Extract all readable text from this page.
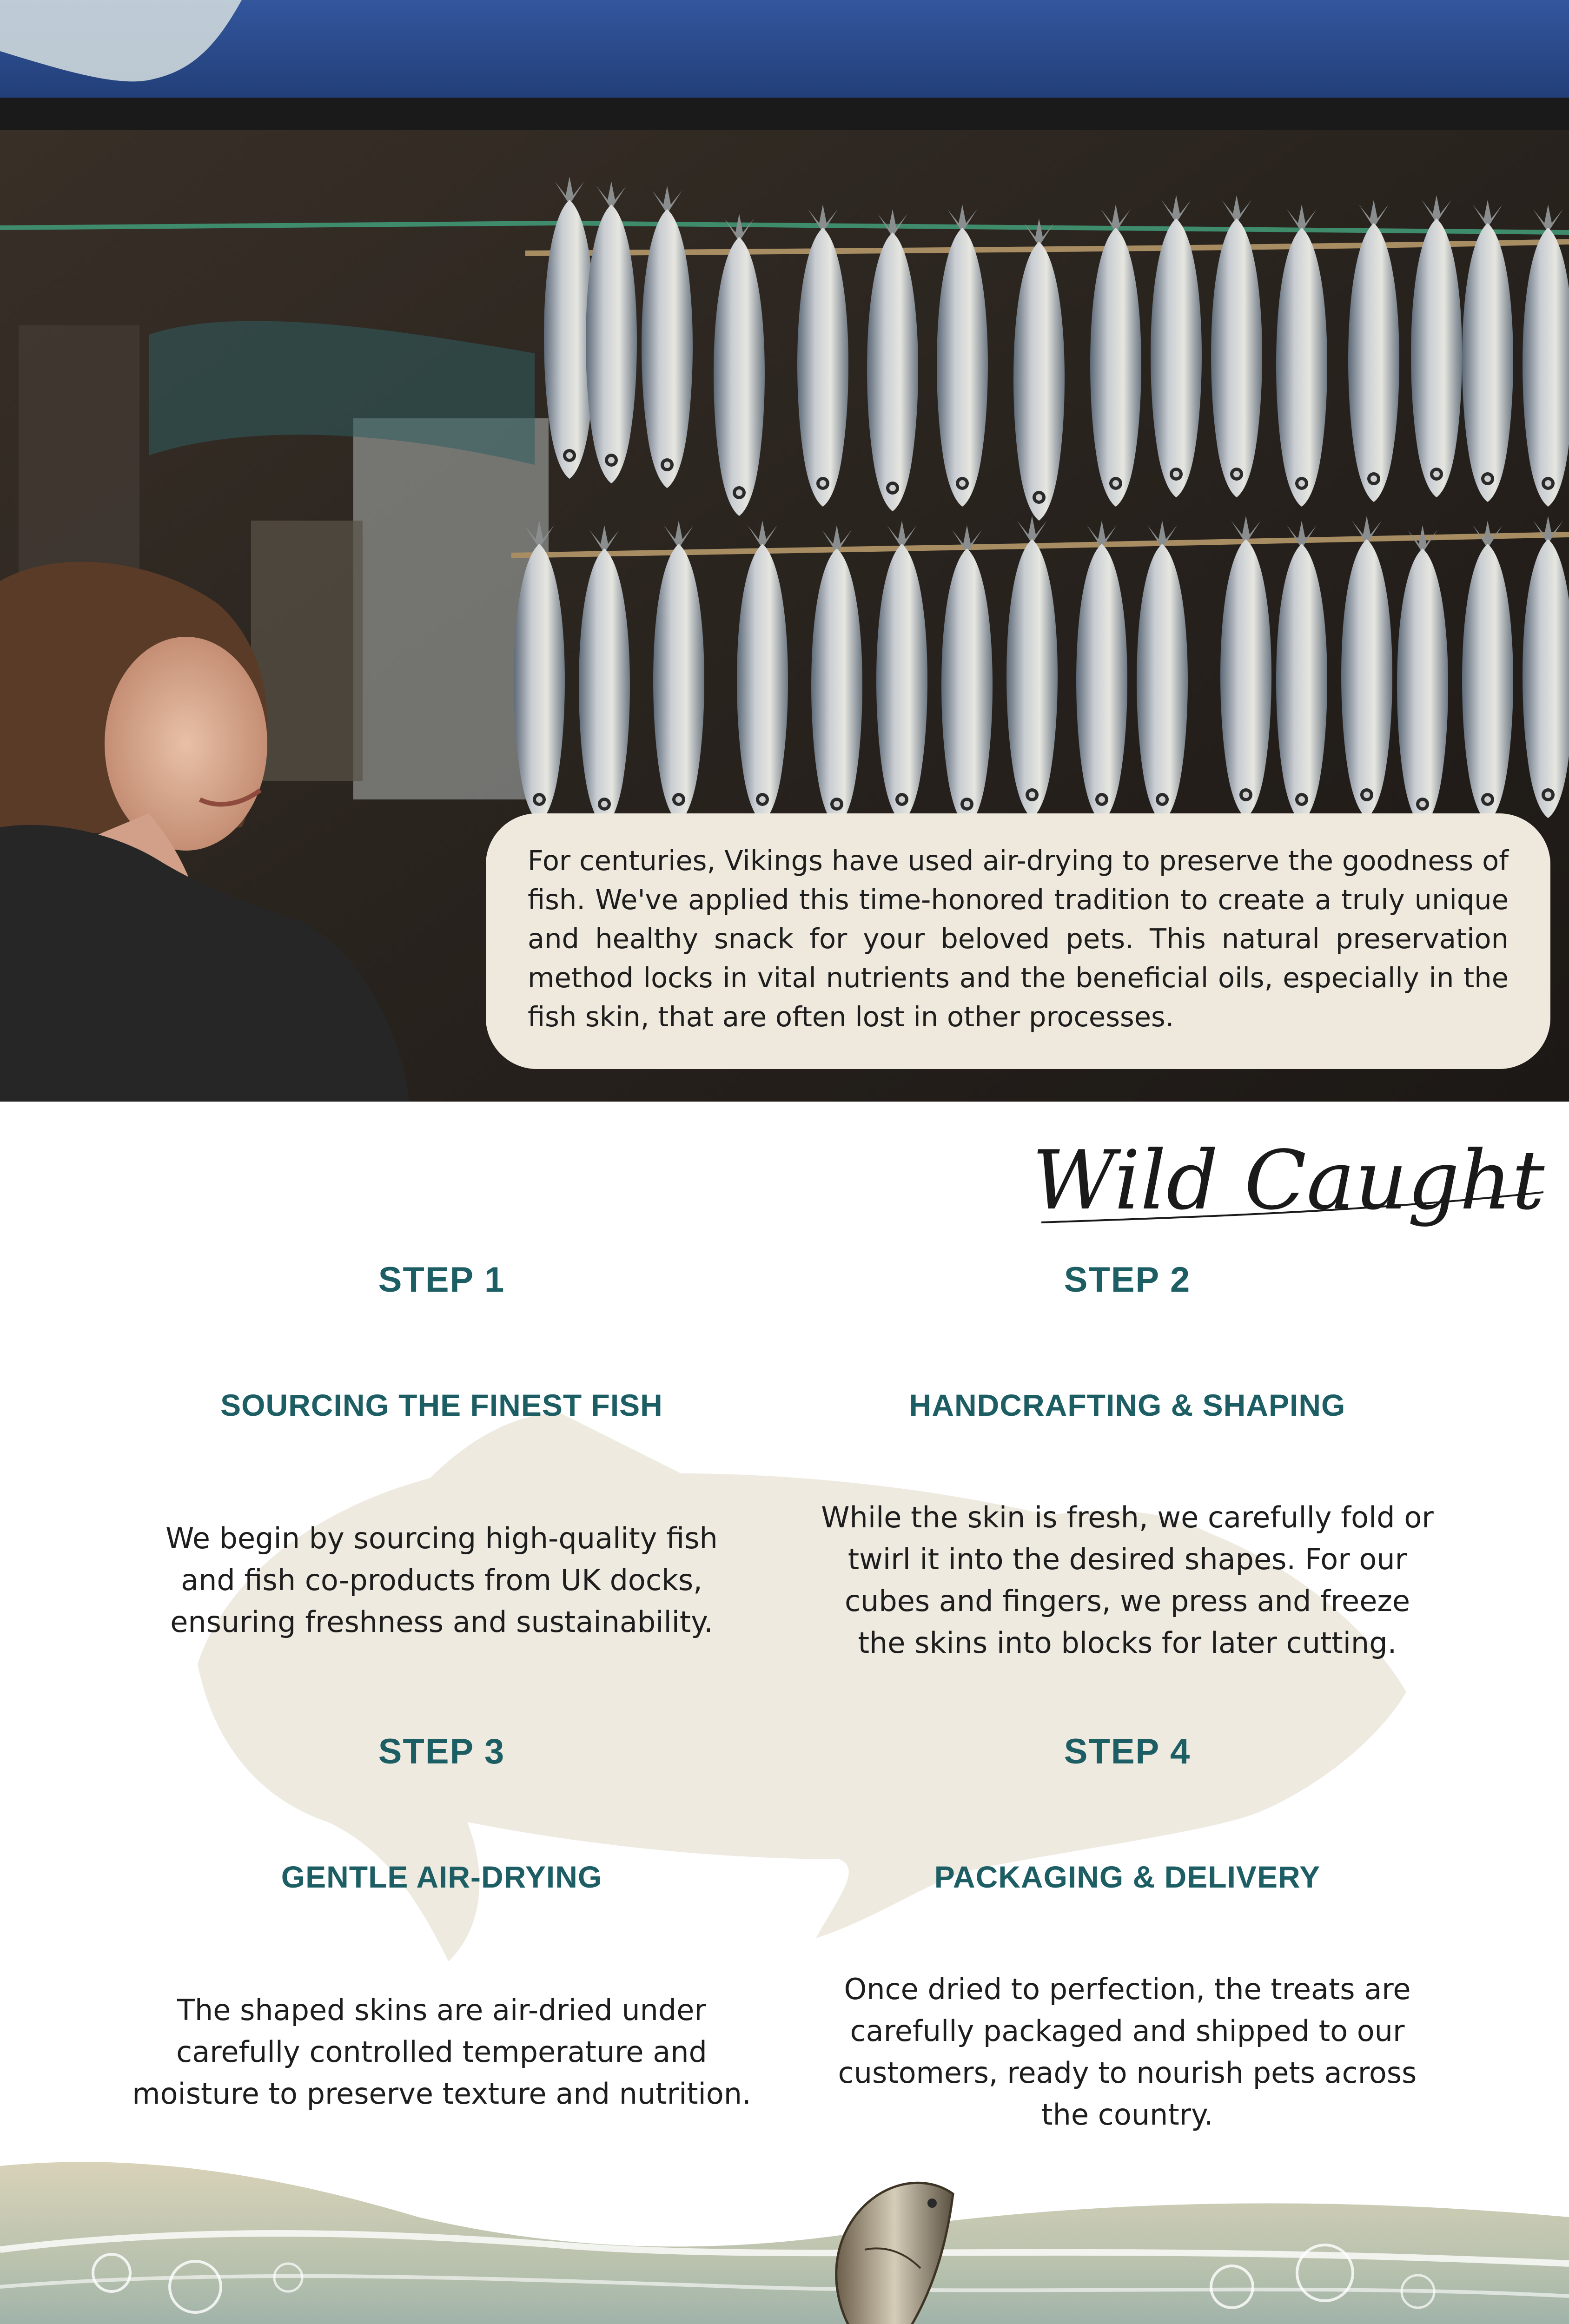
For centuries, Vikings have used air-drying to preserve the goodness of fish. We've applied this time-honored tradition to create a truly unique and healthy snack for your beloved pets. This natural preservation method locks in vital nutrients and the beneficial oils, especially in the fish skin, that are often lost in other processes.
Wild Caught
STEP 1
SOURCING THE FINEST FISH
We begin by sourcing high-quality fish and fish co-products from UK docks, ensuring freshness and sustainability.
STEP 2
HANDCRAFTING & SHAPING
While the skin is fresh, we carefully fold or twirl it into the desired shapes. For our cubes and fingers, we press and freeze the skins into blocks for later cutting.
STEP 3
GENTLE AIR-DRYING
The shaped skins are air-dried under carefully controlled temperature and moisture to preserve texture and nutrition.
STEP 4
PACKAGING & DELIVERY
Once dried to perfection, the treats are carefully packaged and shipped to our customers, ready to nourish pets across the country.
